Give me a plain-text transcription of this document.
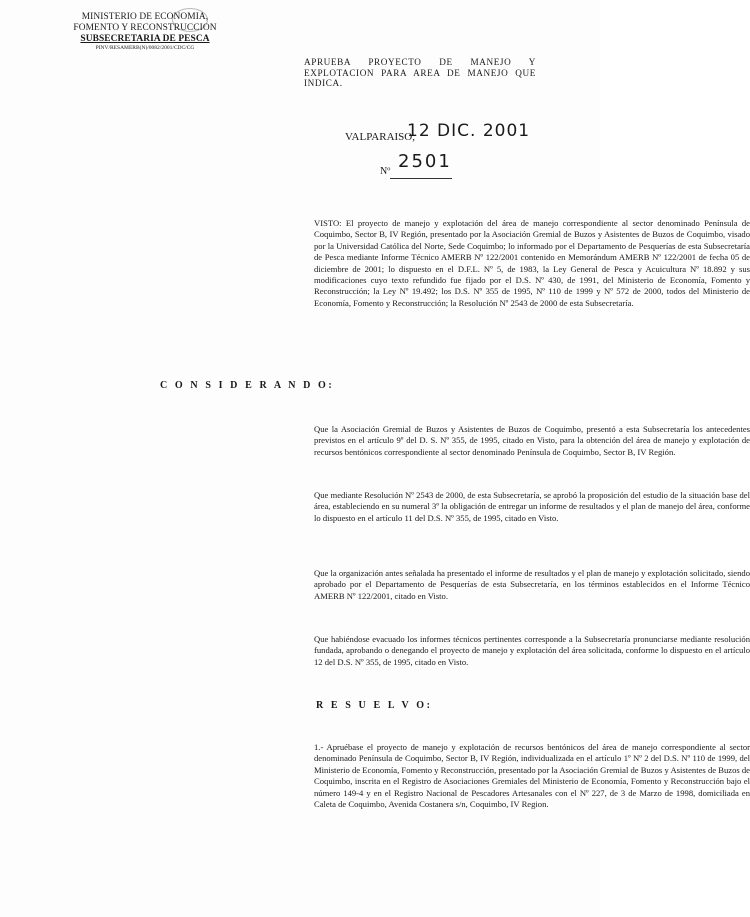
MINISTERIO DE ECONOMIA,
FOMENTO Y RECONSTRUCCION
SUBSECRETARIA DE PESCA
PINV/RESAMERB(N)/0082/2001/CDC/CG
APRUEBA PROYECTO DE MANEJO Y EXPLOTACION PARA AREA DE MANEJO QUE INDICA.
VALPARAISO,
12 DIC. 2001
Nº 2501
VISTO: El proyecto de manejo y explotación del área de manejo correspondiente al sector denominado Península de Coquimbo, Sector B, IV Región, presentado por la Asociación Gremial de Buzos y Asistentes de Buzos de Coquimbo, visado por la Universidad Católica del Norte, Sede Coquimbo; lo informado por el Departamento de Pesquerías de esta Subsecretaría de Pesca mediante Informe Técnico AMERB Nº 122/2001 contenido en Memorándum AMERB Nº 122/2001 de fecha 05 de diciembre de 2001; lo dispuesto en el D.F.L. Nº 5, de 1983, la Ley General de Pesca y Acuicultura Nº 18.892 y sus modificaciones cuyo texto refundido fue fijado por el D.S. Nº 430, de 1991, del Ministerio de Economía, Fomento y Reconstrucción; la Ley Nº 19.492; los D.S. Nº 355 de 1995, Nº 110 de 1999 y Nº 572 de 2000, todos del Ministerio de Economía, Fomento y Reconstrucción; la Resolución Nº 2543 de 2000 de esta Subsecretaría.
C O N S I D E R A N D O:
Que la Asociación Gremial de Buzos y Asistentes de Buzos de Coquimbo, presentó a esta Subsecretaría los antecedentes previstos en el artículo 9º del D. S. Nº 355, de 1995, citado en Visto, para la obtención del área de manejo y explotación de recursos bentónicos correspondiente al sector denominado Península de Coquimbo, Sector B, IV Región.
Que mediante Resolución Nº 2543 de 2000, de esta Subsecretaría, se aprobó la proposición del estudio de la situación base del área, estableciendo en su numeral 3º la obligación de entregar un informe de resultados y el plan de manejo del área, conforme lo dispuesto en el artículo 11 del D.S. Nº 355, de 1995, citado en Visto.
Que la organización antes señalada ha presentado el informe de resultados y el plan de manejo y explotación solicitado, siendo aprobado por el Departamento de Pesquerías de esta Subsecretaría, en los términos establecidos en el Informe Técnico AMERB Nº 122/2001, citado en Visto.
Que habiéndose evacuado los informes técnicos pertinentes corresponde a la Subsecretaría pronunciarse mediante resolución fundada, aprobando o denegando el proyecto de manejo y explotación del área solicitada, conforme lo dispuesto en el artículo 12 del D.S. Nº 355, de 1995, citado en Visto.
R E S U E L V O:
1.- Apruébase el proyecto de manejo y explotación de recursos bentónicos del área de manejo correspondiente al sector denominado Península de Coquimbo, Sector B, IV Región, individualizada en el artículo 1º Nº 2 del D.S. Nº 110 de 1999, del Ministerio de Economía, Fomento y Reconstrucción, presentado por la Asociación Gremial de Buzos y Asistentes de Buzos de Coquimbo, inscrita en el Registro de Asociaciones Gremiales del Ministerio de Economía, Fomento y Reconstrucción bajo el número 149-4 y en el Registro Nacional de Pescadores Artesanales con el Nº 227, de 3 de Marzo de 1998, domiciliada en Caleta de Coquimbo, Avenida Costanera s/n, Coquimbo, IV Region.
